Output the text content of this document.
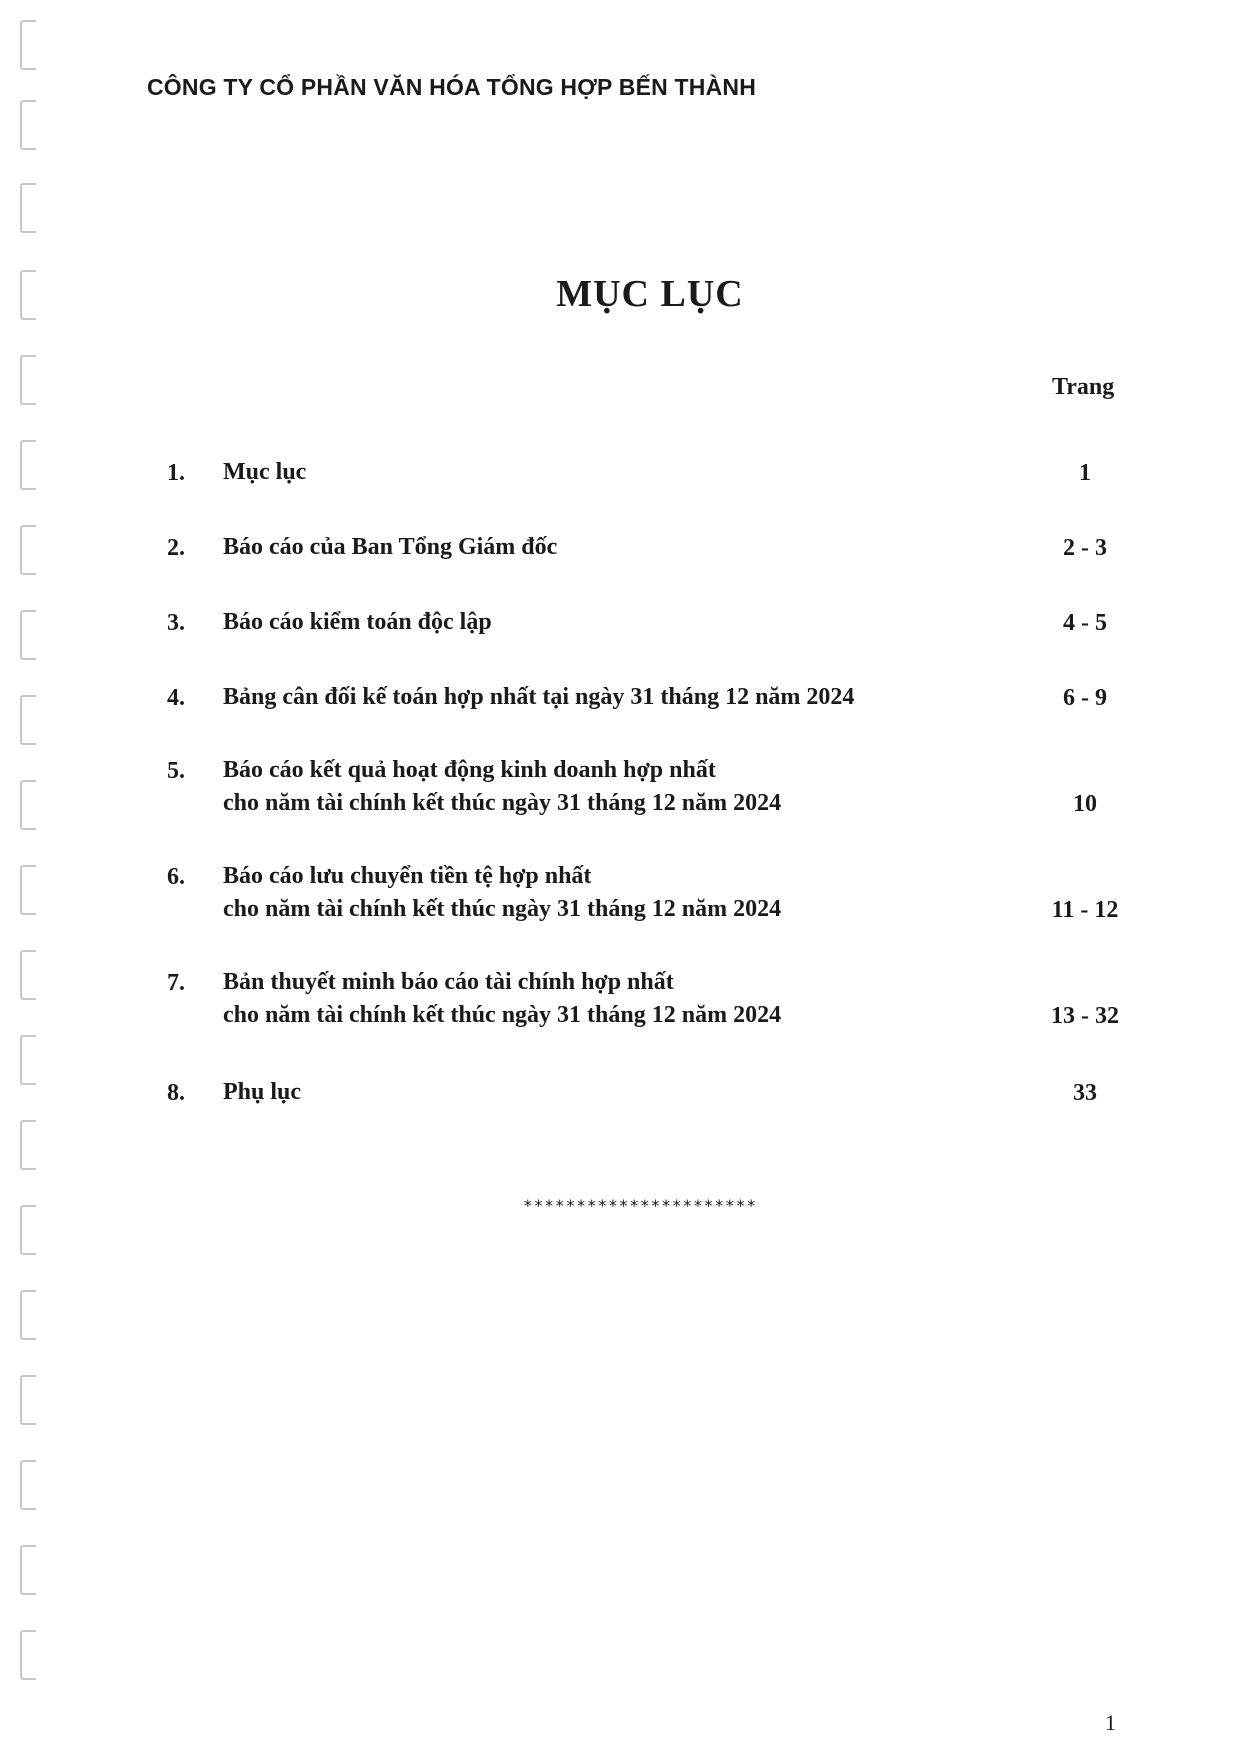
CÔNG TY CỔ PHẦN VĂN HÓA TỔNG HỢP BẾN THÀNH
MỤC LỤC
Trang
1. Mục lục	1
2. Báo cáo của Ban Tổng Giám đốc	2 - 3
3. Báo cáo kiểm toán độc lập	4 - 5
4. Bảng cân đối kế toán hợp nhất tại ngày 31 tháng 12 năm 2024	6 - 9
5. Báo cáo kết quả hoạt động kinh doanh hợp nhất
cho năm tài chính kết thúc ngày 31 tháng 12 năm 2024	10
6. Báo cáo lưu chuyển tiền tệ hợp nhất
cho năm tài chính kết thúc ngày 31 tháng 12 năm 2024	11 - 12
7. Bản thuyết minh báo cáo tài chính hợp nhất
cho năm tài chính kết thúc ngày 31 tháng 12 năm 2024	13 - 32
8. Phụ lục	33
**********************
1
